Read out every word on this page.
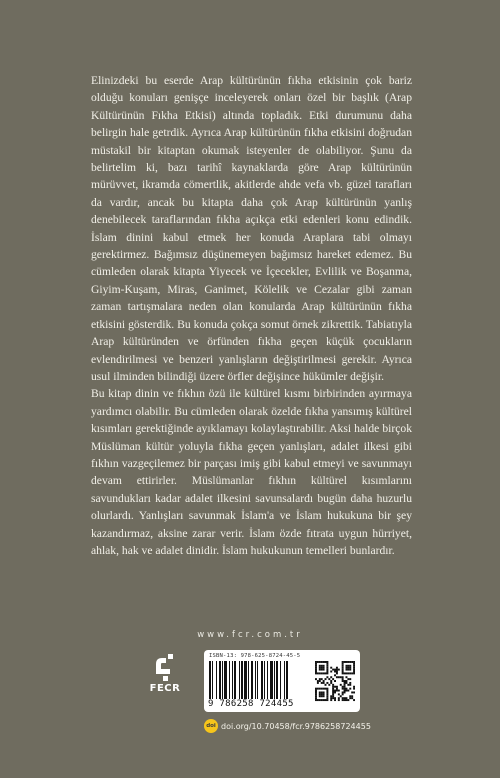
Elinizdeki bu eserde Arap kültürünün fıkha etkisinin çok bariz olduğu konuları genişçe inceleyerek onları özel bir başlık (Arap Kültürünün Fıkha Etkisi) altında topladık. Etki durumunu daha belirgin hale getrdik. Ayrıca Arap kültürünün fıkha etkisini doğrudan müstakil bir kitaptan okumak isteyenler de olabiliyor. Şunu da belirtelim ki, bazı tarihî kaynaklarda göre Arap kültürünün mürüvvet, ikramda cömertlik, akitlerde ahde vefa vb. güzel tarafları da vardır, ancak bu kitapta daha çok Arap kültürünün yanlış denebilecek taraflarından fıkha açıkça etki edenleri konu edindik. İslam dinini kabul etmek her konuda Araplara tabi olmayı gerektirmez. Bağımsız düşünemeyen bağımsız hareket edemez. Bu cümleden olarak kitapta Yiyecek ve İçecekler, Evlilik ve Boşanma, Giyim-Kuşam, Miras, Ganimet, Kölelik ve Cezalar gibi zaman zaman tartışmalara neden olan konularda Arap kültürünün fıkha etkisini gösterdik. Bu konuda çokça somut örnek zikrettik. Tabiatıyla Arap kültüründen ve örfünden fıkha geçen küçük çocukların evlendirilmesi ve benzeri yanlışların değiştirilmesi gerekir. Ayrıca usul ilminden bilindiği üzere örfler değişince hükümler değişir.

Bu kitap dinin ve fıkhın özü ile kültürel kısmı birbirinden ayırmaya yardımcı olabilir. Bu cümleden olarak özelde fıkha yansımış kültürel kısımları gerektiğinde ayıklamayı kolaylaştırabilir. Aksi halde birçok Müslüman kültür yoluyla fıkha geçen yanlışları, adalet ilkesi gibi fıkhın vazgeçilemez bir parçası imiş gibi kabul etmeyi ve savunmayı devam ettirirler. Müslümanlar fıkhın kültürel kısımlarını savundukları kadar adalet ilkesini savunsalardı bugün daha huzurlu olurlardı. Yanlışları savunmak İslam'a ve İslam hukukuna bir şey kazandırmaz, aksine zarar verir. İslam özde fıtrata uygun hürriyet, ahlak, hak ve adalet dinidir. İslam hukukunun temelleri bunlardır.

www.fcr.com.tr
FECR
ISBN-13: 978-625-8724-45-5
9 786258 724455
doi doi.org/10.70458/fcr.9786258724455
